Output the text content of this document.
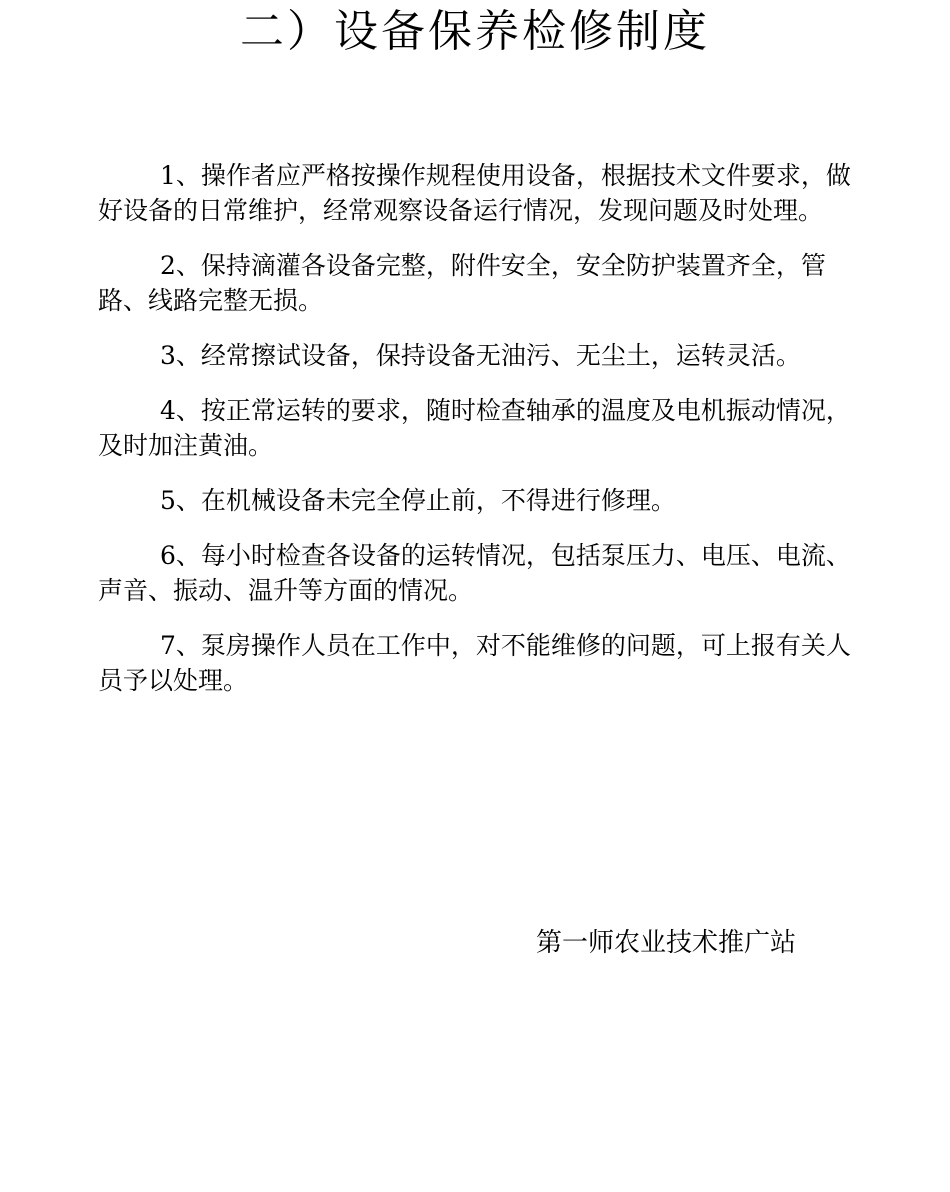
二）设备保养检修制度

1、操作者应严格按操作规程使用设备，根据技术文件要求，做好设备的日常维护，经常观察设备运行情况，发现问题及时处理。

2、保持滴灌各设备完整，附件安全，安全防护装置齐全，管路、线路完整无损。

3、经常擦试设备，保持设备无油污、无尘土，运转灵活。

4、按正常运转的要求，随时检查轴承的温度及电机振动情况，及时加注黄油。

5、在机械设备未完全停止前，不得进行修理。

6、每小时检查各设备的运转情况，包括泵压力、电压、电流、声音、振动、温升等方面的情况。

7、泵房操作人员在工作中，对不能维修的问题，可上报有关人员予以处理。

第一师农业技术推广站
